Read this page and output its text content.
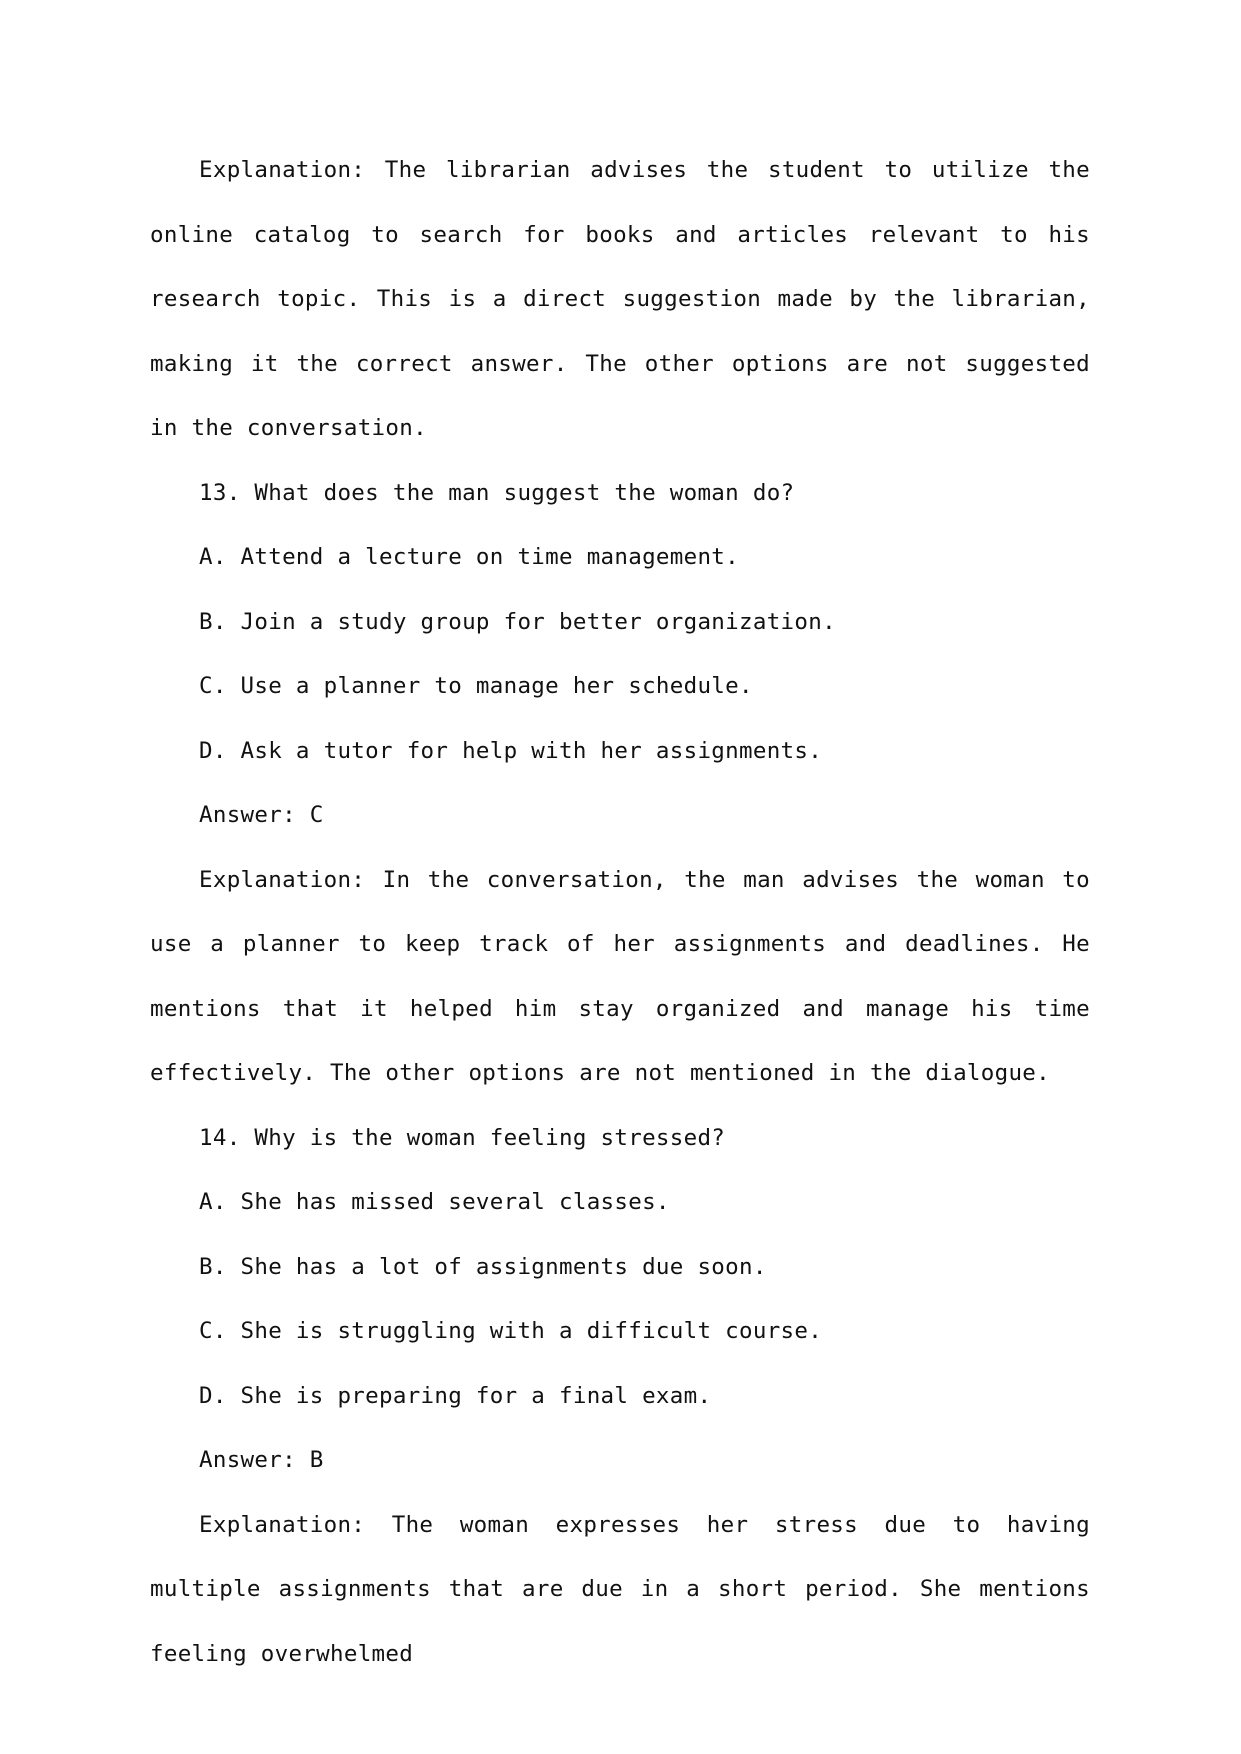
Explanation: The librarian advises the student to utilize the online catalog to search for books and articles relevant to his research topic. This is a direct suggestion made by the librarian, making it the correct answer. The other options are not suggested in the conversation.

13. What does the man suggest the woman do?

A. Attend a lecture on time management.

B. Join a study group for better organization.

C. Use a planner to manage her schedule.

D. Ask a tutor for help with her assignments.

Answer: C

Explanation: In the conversation, the man advises the woman to use a planner to keep track of her assignments and deadlines. He mentions that it helped him stay organized and manage his time effectively. The other options are not mentioned in the dialogue.

14. Why is the woman feeling stressed?

A. She has missed several classes.

B. She has a lot of assignments due soon.

C. She is struggling with a difficult course.

D. She is preparing for a final exam.

Answer: B

Explanation: The woman expresses her stress due to having multiple assignments that are due in a short period. She mentions feeling overwhelmed
